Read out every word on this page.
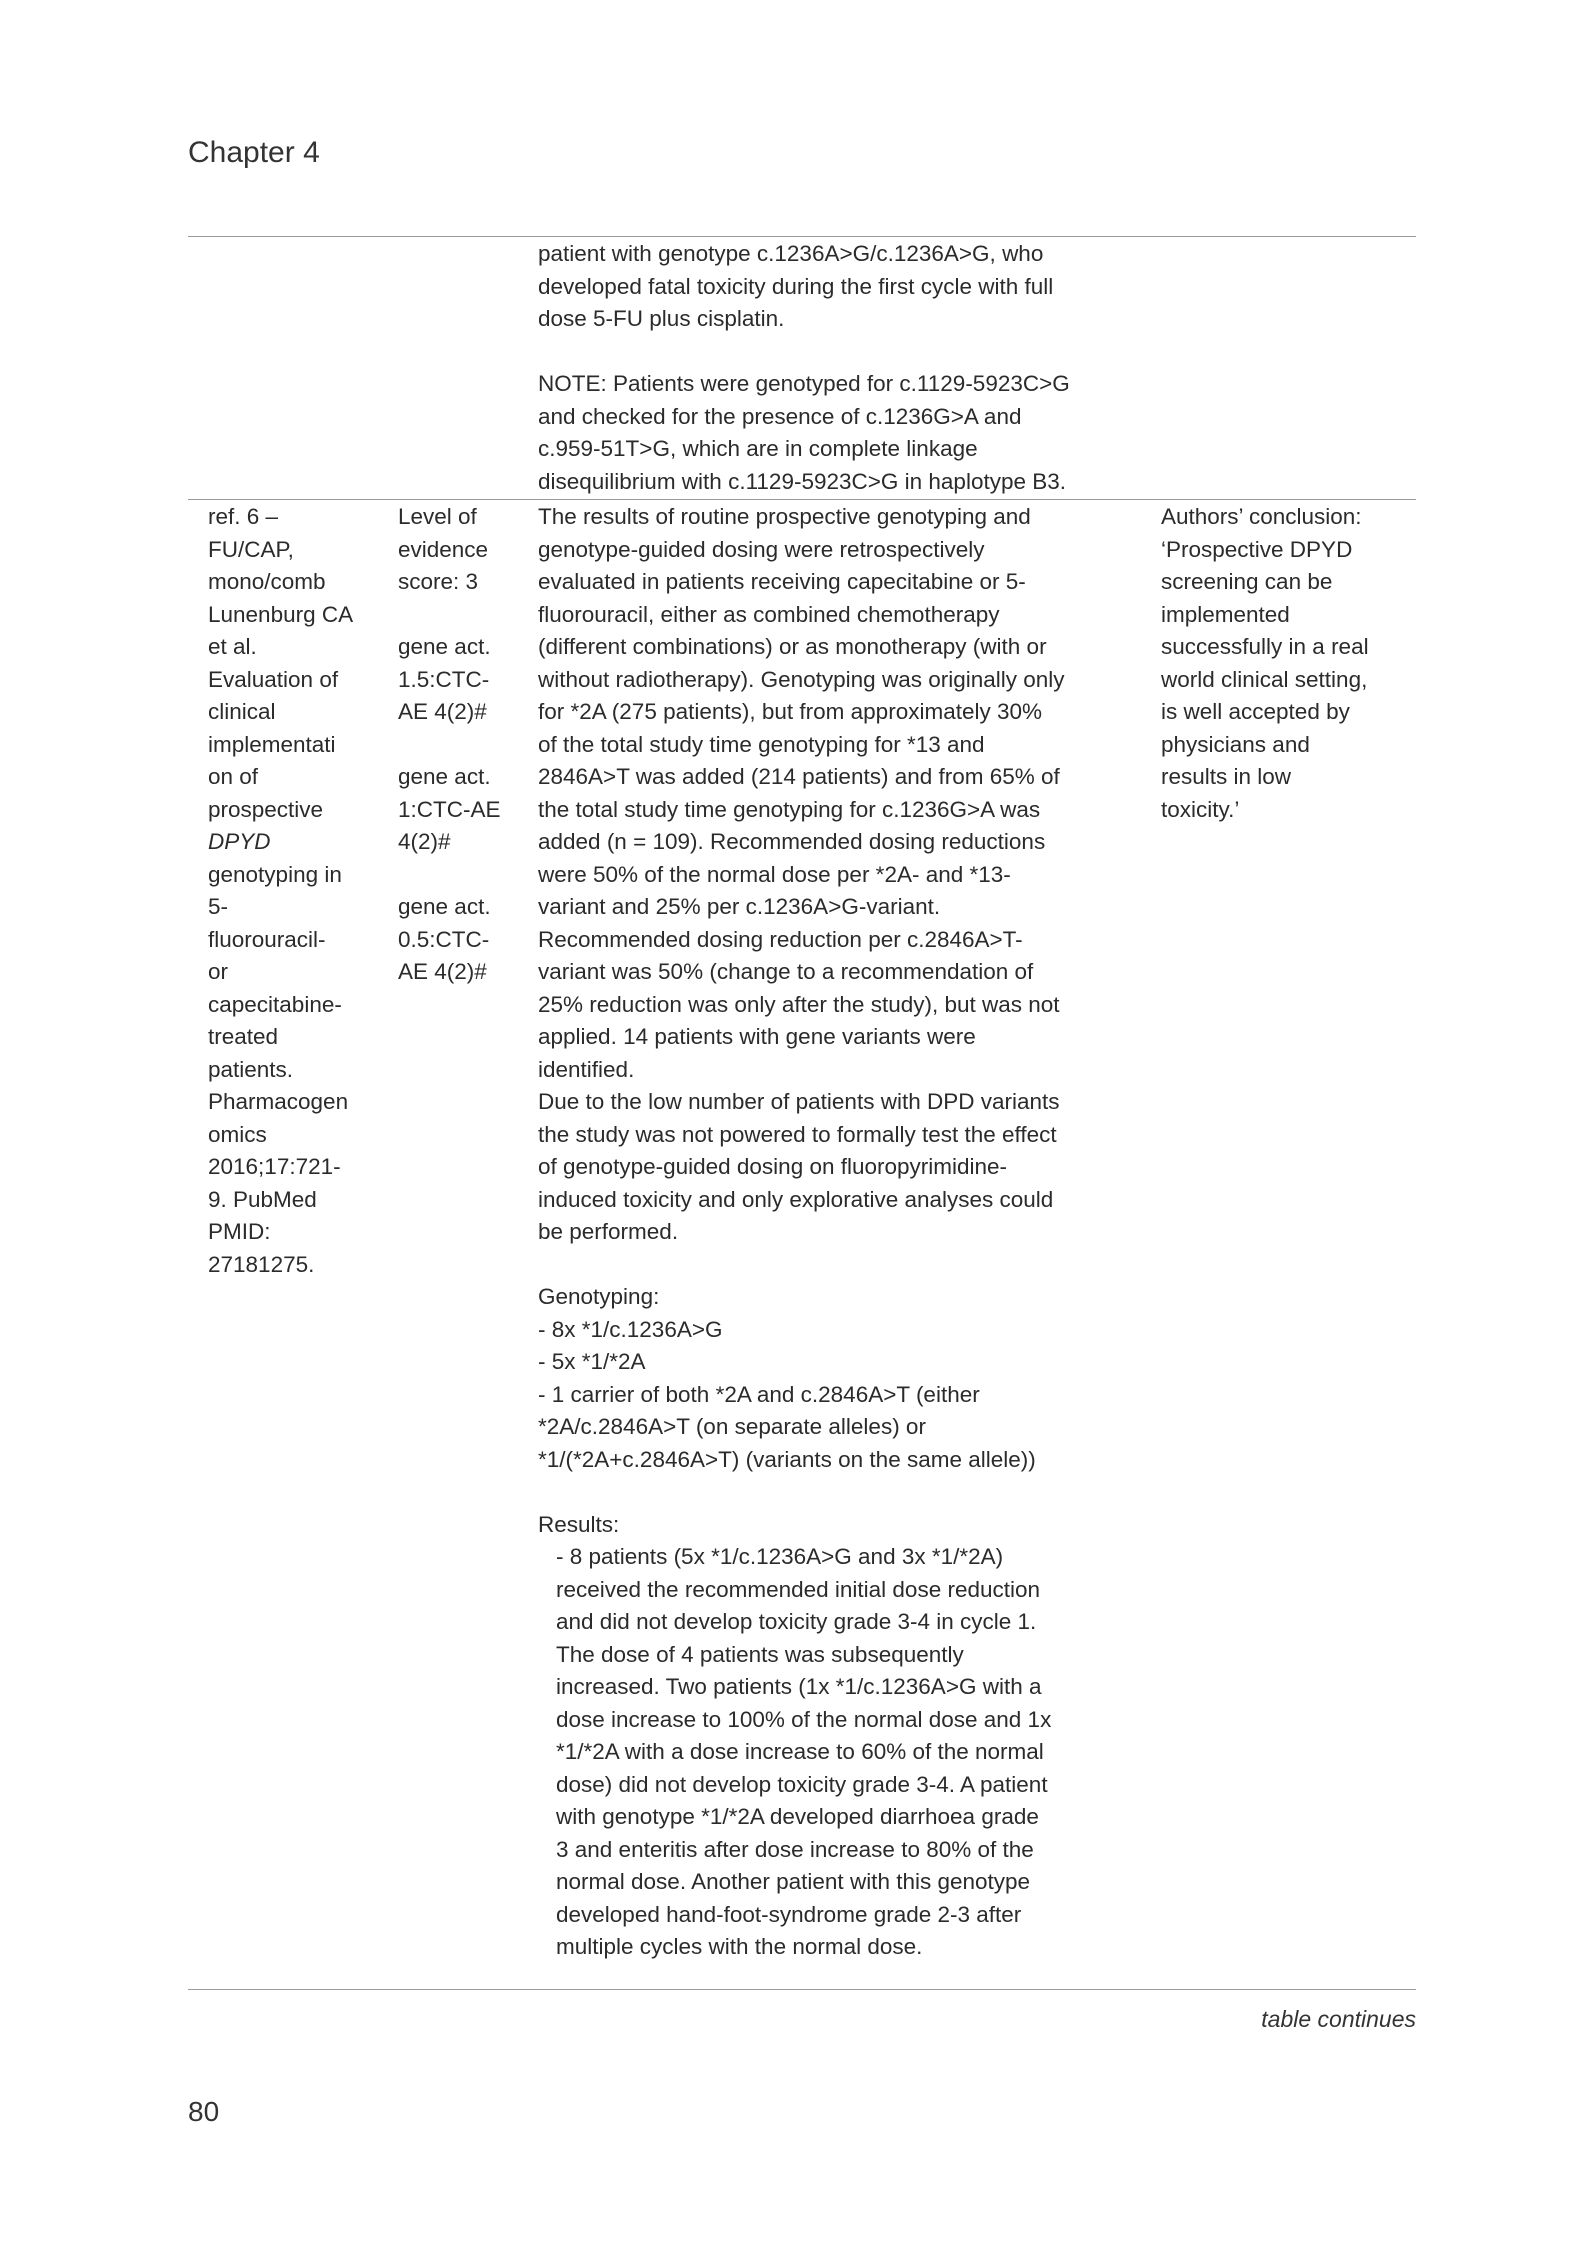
Chapter 4

patient with genotype c.1236A>G/c.1236A>G, who
developed fatal toxicity during the first cycle with full
dose 5-FU plus cisplatin.

NOTE: Patients were genotyped for c.1129-5923C>G
and checked for the presence of c.1236G>A and
c.959-51T>G, which are in complete linkage
disequilibrium with c.1129-5923C>G in haplotype B3.

ref. 6 –
FU/CAP,
mono/comb
Lunenburg CA
et al.
Evaluation of
clinical
implementati
on of
prospective
DPYD
genotyping in
5-
fluorouracil-
or
capecitabine-
treated
patients.
Pharmacogen
omics
2016;17:721-
9. PubMed
PMID:
27181275.
Level of
evidence
score: 3
gene act.
1.5:CTC-
AE 4(2)#
gene act.
1:CTC-AE
4(2)#
gene act.
0.5:CTC-
AE 4(2)#
The results of routine prospective genotyping and
genotype-guided dosing were retrospectively
evaluated in patients receiving capecitabine or 5-
fluorouracil, either as combined chemotherapy
(different combinations) or as monotherapy (with or
without radiotherapy). Genotyping was originally only
for *2A (275 patients), but from approximately 30%
of the total study time genotyping for *13 and
2846A>T was added (214 patients) and from 65% of
the total study time genotyping for c.1236G>A was
added (n = 109). Recommended dosing reductions
were 50% of the normal dose per *2A- and *13-
variant and 25% per c.1236A>G-variant.
Recommended dosing reduction per c.2846A>T-
variant was 50% (change to a recommendation of
25% reduction was only after the study), but was not
applied. 14 patients with gene variants were
identified.
Due to the low number of patients with DPD variants
the study was not powered to formally test the effect
of genotype-guided dosing on fluoropyrimidine-
induced toxicity and only explorative analyses could
be performed.
Genotyping:
- 8x *1/c.1236A>G
- 5x *1/*2A
- 1 carrier of both *2A and c.2846A>T (either
*2A/c.2846A>T (on separate alleles) or
*1/(*2A+c.2846A>T) (variants on the same allele))
Results:
- 8 patients (5x *1/c.1236A>G and 3x *1/*2A)
received the recommended initial dose reduction
and did not develop toxicity grade 3-4 in cycle 1.
The dose of 4 patients was subsequently
increased. Two patients (1x *1/c.1236A>G with a
dose increase to 100% of the normal dose and 1x
*1/*2A with a dose increase to 60% of the normal
dose) did not develop toxicity grade 3-4. A patient
with genotype *1/*2A developed diarrhoea grade
3 and enteritis after dose increase to 80% of the
normal dose. Another patient with this genotype
developed hand-foot-syndrome grade 2-3 after
multiple cycles with the normal dose.
Authors’ conclusion:
‘Prospective DPYD
screening can be
implemented
successfully in a real
world clinical setting,
is well accepted by
physicians and
results in low
toxicity.’
table continues
80
